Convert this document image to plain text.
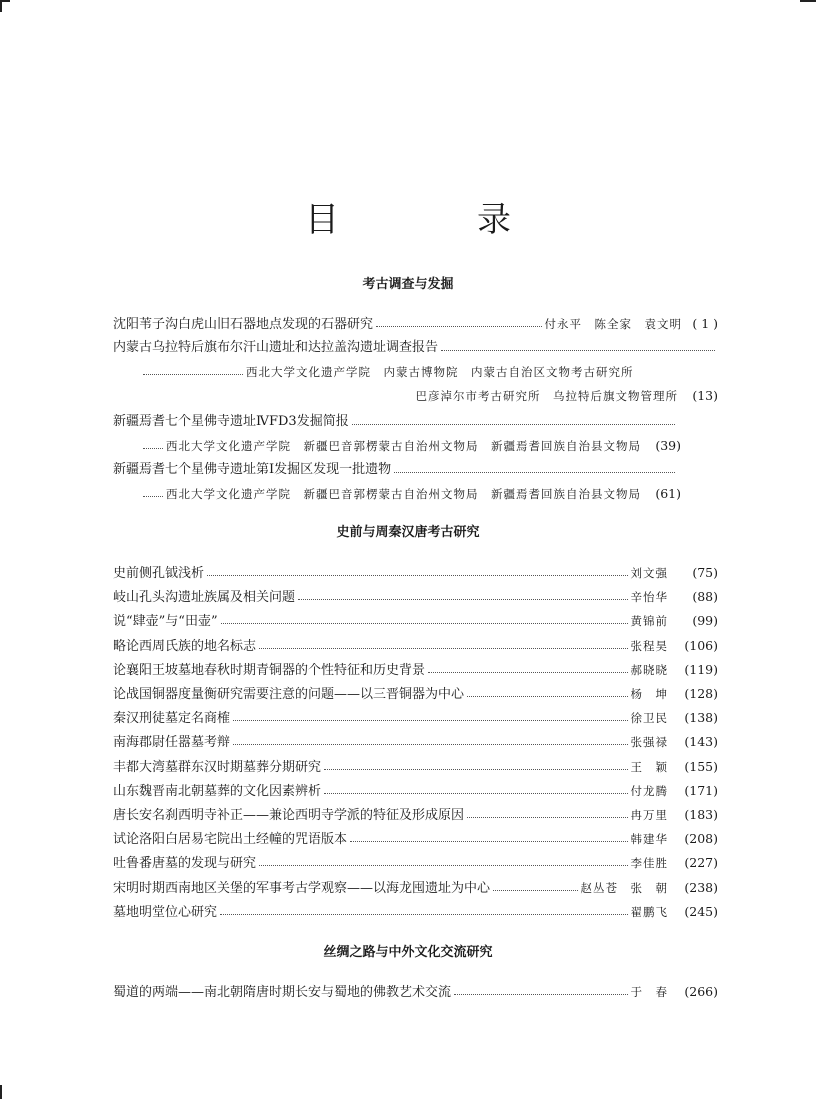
目　录
考古调查与发掘
沈阳苇子沟白虎山旧石器地点发现的石器研究	付永平　陈全家　袁文明 ( 1 )
内蒙古乌拉特后旗布尔汗山遗址和达拉盖沟遗址调查报告
西北大学文化遗产学院　内蒙古博物院　内蒙古自治区文物考古研究所
巴彦淖尔市考古研究所　乌拉特后旗文物管理所	(13)
新疆焉耆七个星佛寺遗址ⅣFD3发掘简报
西北大学文化遗产学院　新疆巴音郭楞蒙古自治州文物局　新疆焉耆回族自治县文物局	(39)
新疆焉耆七个星佛寺遗址第Ⅰ发掘区发现一批遗物
西北大学文化遗产学院　新疆巴音郭楞蒙古自治州文物局　新疆焉耆回族自治县文物局	(61)
史前与周秦汉唐考古研究
史前侧孔钺浅析	刘文强	(75)
岐山孔头沟遗址族属及相关问题	辛怡华	(88)
说“肆壶”与“田壶”	黄锦前	(99)
略论西周氏族的地名标志	张程昊	(106)
论襄阳王坡墓地春秋时期青铜器的个性特征和历史背景	郝晓晓	(119)
论战国铜器度量衡研究需要注意的问题——以三晋铜器为中心	杨　坤	(128)
秦汉刑徒墓定名商榷	徐卫民	(138)
南海郡尉任嚣墓考辩	张强禄	(143)
丰都大湾墓群东汉时期墓葬分期研究	王　颖	(155)
山东魏晋南北朝墓葬的文化因素辨析	付龙腾	(171)
唐长安名刹西明寺补正——兼论西明寺学派的特征及形成原因	冉万里	(183)
试论洛阳白居易宅院出土经幢的咒语版本	韩建华	(208)
吐鲁番唐墓的发现与研究	李佳胜	(227)
宋明时期西南地区关堡的军事考古学观察——以海龙囤遗址为中心	赵丛苍　张　朝	(238)
墓地明堂位心研究	翟鹏飞	(245)
丝绸之路与中外文化交流研究
蜀道的两端——南北朝隋唐时期长安与蜀地的佛教艺术交流	于　春	(266)
